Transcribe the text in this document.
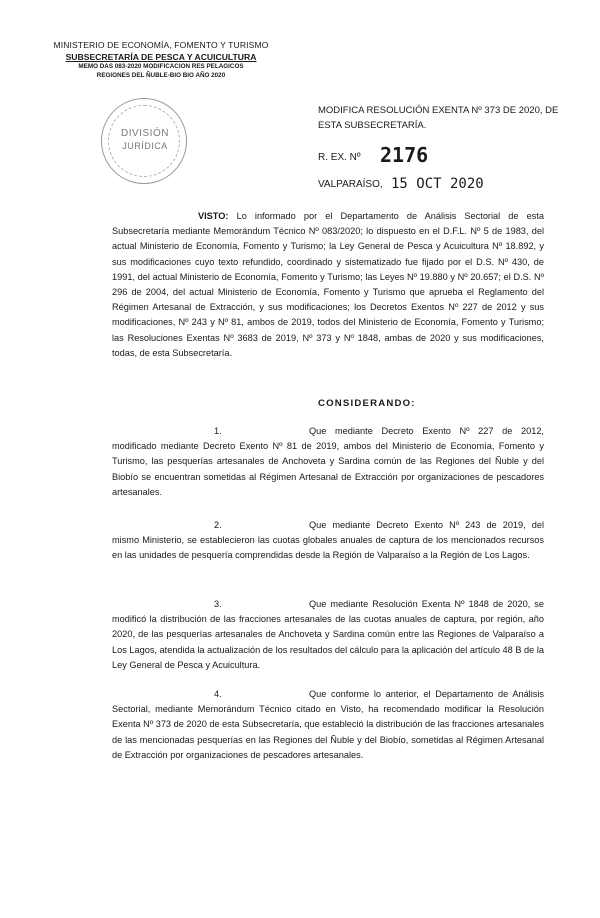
MINISTERIO DE ECONOMÍA, FOMENTO Y TURISMO
SUBSECRETARÍA DE PESCA Y ACUICULTURA
MEMO DAS 083-2020 MODIFICACION RES PELAGICOS
REGIONES DEL ÑUBLE-BIO BIO AÑO 2020
DIVISIÓN
JURÍDICA
MODIFICA RESOLUCIÓN EXENTA Nº 373 DE 2020, DE ESTA SUBSECRETARÍA.
R. EX. Nº 2176
VALPARAÍSO, 15 OCT 2020
VISTO: Lo informado por el Departamento de Análisis Sectorial de esta Subsecretaría mediante Memorándum Técnico Nº 083/2020; lo dispuesto en el D.F.L. Nº 5 de 1983, del actual Ministerio de Economía, Fomento y Turismo; la Ley General de Pesca y Acuicultura Nº 18.892, y sus modificaciones cuyo texto refundido, coordinado y sistematizado fue fijado por el D.S. Nº 430, de 1991, del actual Ministerio de Economía, Fomento y Turismo; las Leyes Nº 19.880 y Nº 20.657; el D.S. Nº 296 de 2004, del actual Ministerio de Economía, Fomento y Turismo que aprueba el Reglamento del Régimen Artesanal de Extracción, y sus modificaciones; los Decretos Exentos Nº 227 de 2012 y sus modificaciones, Nº 243 y Nº 81, ambos de 2019, todos del Ministerio de Economía, Fomento y Turismo; las Resoluciones Exentas Nº 3683 de 2019, Nº 373 y Nº 1848, ambas de 2020 y sus modificaciones, todas, de esta Subsecretaría.
CONSIDERANDO:
1.	Que mediante Decreto Exento Nº 227 de 2012, modificado mediante Decreto Exento Nº 81 de 2019, ambos del Ministerio de Economía, Fomento y Turismo, las pesquerías artesanales de Anchoveta y Sardina común de las Regiones del Ñuble y del Biobío se encuentran sometidas al Régimen Artesanal de Extracción por organizaciones de pescadores artesanales.
2.	Que mediante Decreto Exento Nº 243 de 2019, del mismo Ministerio, se establecieron las cuotas globales anuales de captura de los mencionados recursos en las unidades de pesquería comprendidas desde la Región de Valparaíso a la Región de Los Lagos.
3.	Que mediante Resolución Exenta Nº 1848 de 2020, se modificó la distribución de las fracciones artesanales de las cuotas anuales de captura, por región, año 2020, de las pesquerías artesanales de Anchoveta y Sardina común entre las Regiones de Valparaíso a Los Lagos, atendida la actualización de los resultados del cálculo para la aplicación del artículo 48 B de la Ley General de Pesca y Acuicultura.
4.	Que conforme lo anterior, el Departamento de Análisis Sectorial, mediante Memorándum Técnico citado en Visto, ha recomendado modificar la Resolución Exenta Nº 373 de 2020 de esta Subsecretaría, que estableció la distribución de las fracciones artesanales de las mencionadas pesquerías en las Regiones del Ñuble y del Biobío, sometidas al Régimen Artesanal de Extracción por organizaciones de pescadores artesanales.
